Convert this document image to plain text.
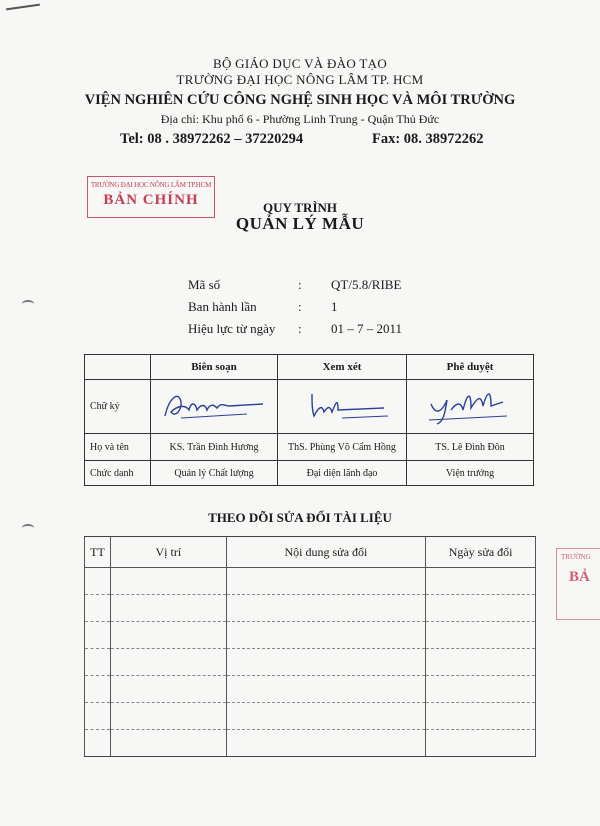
BỘ GIÁO DỤC VÀ ĐÀO TẠO
TRƯỜNG ĐẠI HỌC NÔNG LÂM TP. HCM
VIỆN NGHIÊN CỨU CÔNG NGHỆ SINH HỌC VÀ MÔI TRƯỜNG
Địa chỉ: Khu phố 6 - Phường Linh Trung - Quận Thủ Đức
Tel: 08 . 38972262 – 37220294	Fax: 08. 38972262
TRƯỜNG ĐẠI HỌC NÔNG LÂM TP.HCM
BẢN CHÍNH	QUY TRÌNH
QUẢN LÝ MẪU
Mã số	: QT/5.8/RIBE
Ban hành lần	: 1
Hiệu lực từ ngày : 01 – 7 – 2011
	Biên soạn	Xem xét	Phê duyệt
Chữ ký			
Họ và tên	KS. Trần Đình Hương	ThS. Phùng Võ Cẩm Hồng	TS. Lê Đình Đôn
Chức danh	Quản lý Chất lượng	Đại diện lãnh đạo	Viện trưởng
THEO DÕI SỬA ĐỔI TÀI LIỆU
TT	Vị trí	Nội dung sửa đổi	Ngày sửa đổi

				TRƯỜNG
BẢ
